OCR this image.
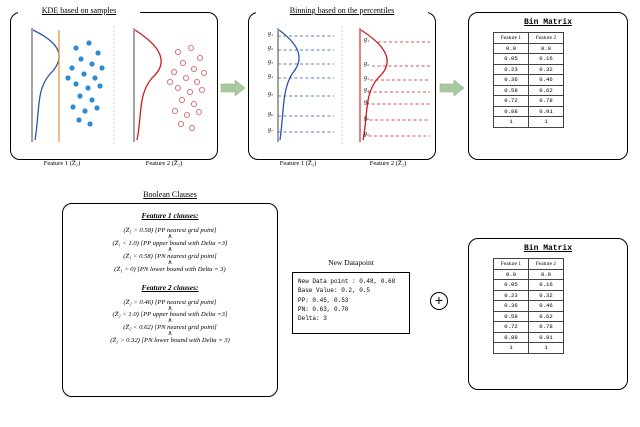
KDE based on samples
Feature 1 (Z̅₁)	Feature 2 (Z̅₂)
Binning based on the percentiles
g₁
g₂
g₃
g₄
g₅
g₆
g₇
g₁
g₂
g₃
g₄
g₅
g₆
g₇
Feature 1 (Z̅₁)	Feature 2 (Z̅₂)
Bin Matrix
Feature 1	Feature 2
0.0	0.0
0.05	0.16
0.23	0.32
0.36	0.46
0.58	0.62
0.72	0.78
0.88	0.91
1	1
Boolean Clauses
Feature 1 clauses:
(Z̅₁ > 0.58) [PP nearest grid point]
∧
(Z̅₁ < 1.0) [PP upper bound with Delta =3]
∧
(Z̅₁ < 0.58) [PN nearest grid point]
∧
(Z̅₁ > 0) [PN lower bound with Delta = 3)
Feature 2 clauses:
(Z̅₂ > 0.46) [PP nearest grid point]
∧
(Z̅₂ < 1.0) [PP upper bound with Delta =3]
∧
(Z̅₂ < 0.62) [PN nearest grid point]
∧
(Z̅₂ > 0.32) [PN lower bound with Delta = 3)
New Datapoint
New Data point : 0.48, 0.68
Base Value: 0.2, 0.5
PP: 0.45, 0.53
PN: 0.63, 0.70
Delta: 3
+
Bin Matrix
Feature 1	Feature 2
0.0	0.0
0.05	0.16
0.23	0.32
0.36	0.46
0.58	0.62
0.72	0.78
0.88	0.91
1	1
